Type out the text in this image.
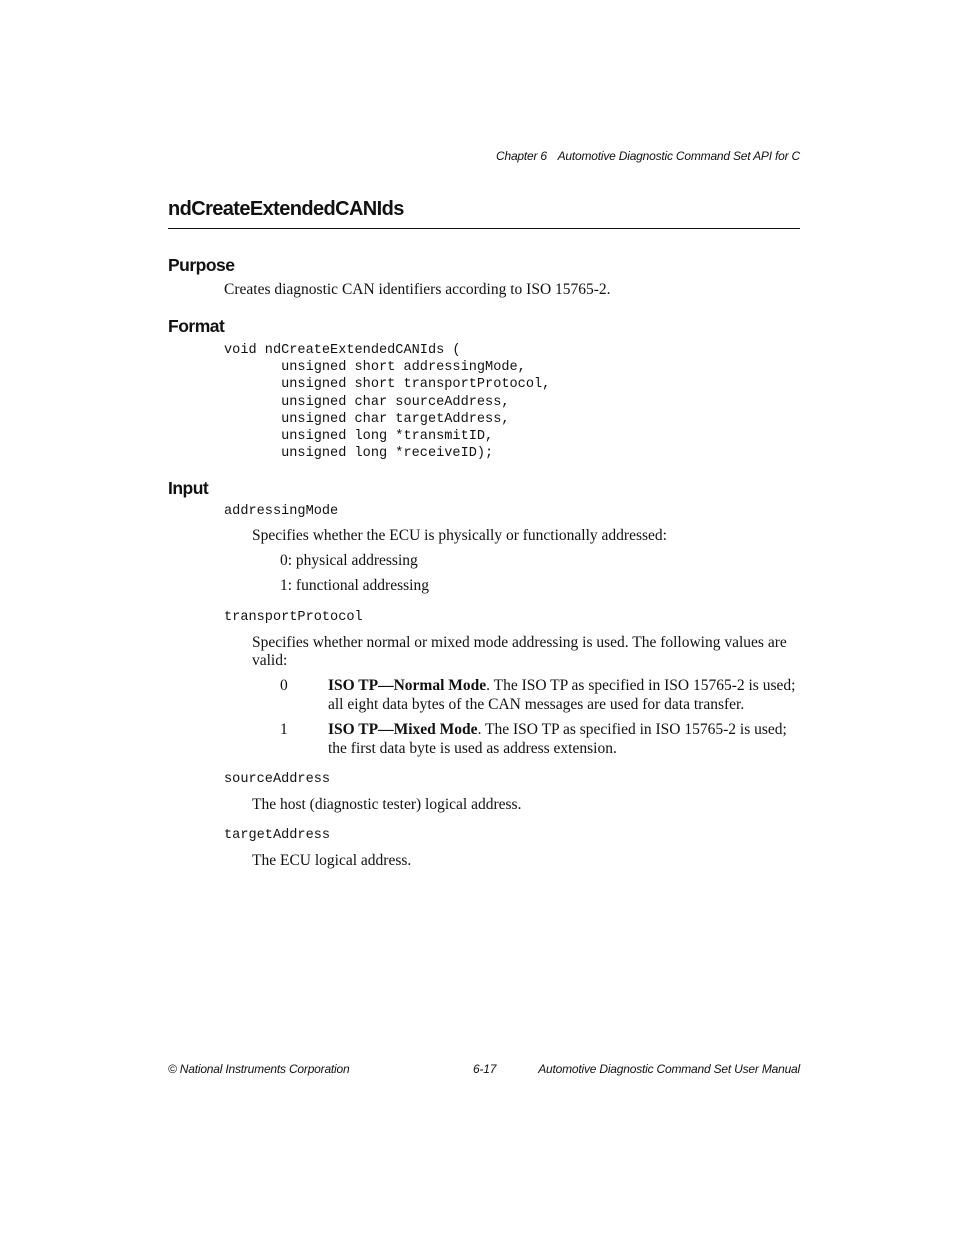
Chapter 6 Automotive Diagnostic Command Set API for C
ndCreateExtendedCANIds
Purpose
Creates diagnostic CAN identifiers according to ISO 15765-2.
Format
void ndCreateExtendedCANIds (
unsigned short addressingMode,
unsigned short transportProtocol,
unsigned char sourceAddress,
unsigned char targetAddress,
unsigned long *transmitID,
unsigned long *receiveID);
Input
addressingMode
Specifies whether the ECU is physically or functionally addressed:
0: physical addressing
1: functional addressing
transportProtocol
Specifies whether normal or mixed mode addressing is used. The following values are
valid:
0	ISO TP—Normal Mode. The ISO TP as specified in ISO 15765-2 is used;
all eight data bytes of the CAN messages are used for data transfer.
1	ISO TP—Mixed Mode. The ISO TP as specified in ISO 15765-2 is used;
the first data byte is used as address extension.
sourceAddress
The host (diagnostic tester) logical address.
targetAddress
The ECU logical address.
© National Instruments Corporation	6-17	Automotive Diagnostic Command Set User Manual
